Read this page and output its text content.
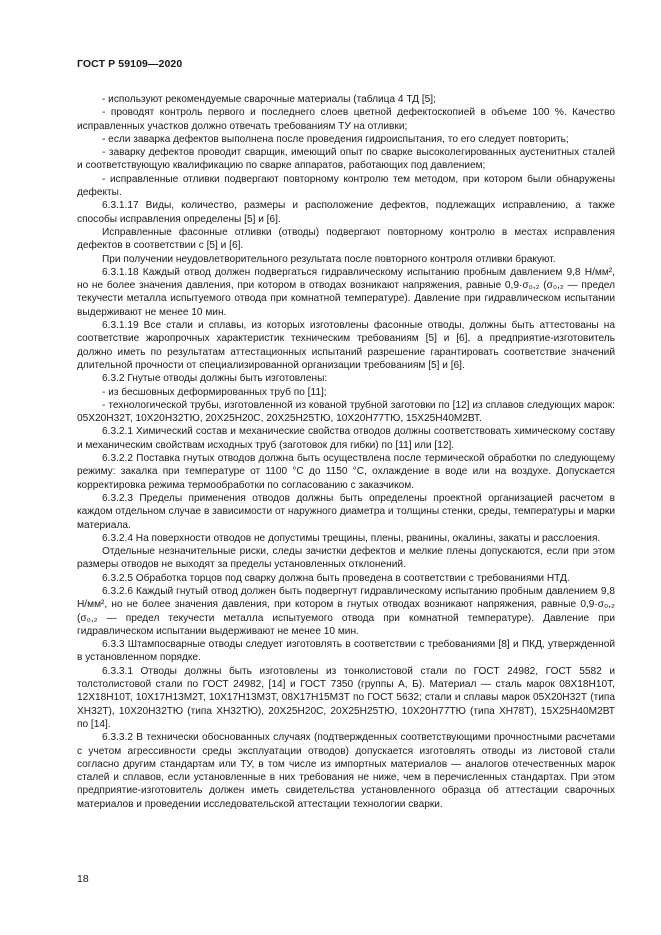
ГОСТ Р 59109—2020

- используют рекомендуемые сварочные материалы (таблица 4 ТД [5];

- проводят контроль первого и последнего слоев цветной дефектоскопией в объеме 100 %. Качество исправленных участков должно отвечать требованиям ТУ на отливки;

- если заварка дефектов выполнена после проведения гидроиспытания, то его следует повторить;

- заварку дефектов проводит сварщик, имеющий опыт по сварке высоколегированных аустенитных сталей и соответствующую квалификацию по сварке аппаратов, работающих под давлением;

- исправленные отливки подвергают повторному контролю тем методом, при котором были обнаружены дефекты.

6.3.1.17 Виды, количество, размеры и расположение дефектов, подлежащих исправлению, а также способы исправления определены [5] и [6].

Исправленные фасонные отливки (отводы) подвергают повторному контролю в местах исправления дефектов в соответствии с [5] и [6].

При получении неудовлетворительного результата после повторного контроля отливки бракуют.

6.3.1.18 Каждый отвод должен подвергаться гидравлическому испытанию пробным давлением 9,8 Н/мм², но не более значения давления, при котором в отводах возникают напряжения, равные 0,9·σ₀,₂ (σ₀,₂ — предел текучести металла испытуемого отвода при комнатной температуре). Давление при гидравлическом испытании выдерживают не менее 10 мин.

6.3.1.19 Все стали и сплавы, из которых изготовлены фасонные отводы, должны быть аттестованы на соответствие жаропрочных характеристик техническим требованиям [5] и [6], а предприятие-изготовитель должно иметь по результатам аттестационных испытаний разрешение гарантировать соответствие значений длительной прочности от специализированной организации требованиям [5] и [6].

6.3.2 Гнутые отводы должны быть изготовлены:

- из бесшовных деформированных труб по [11];

- технологической трубы, изготовленной из кованой трубной заготовки по [12] из сплавов следующих марок: 05Х20Н32Т, 10Х20Н32ТЮ, 20Х25Н20С, 20Х25Н25ТЮ, 10Х20Н77ТЮ, 15Х25Н40М2ВТ.

6.3.2.1 Химический состав и механические свойства отводов должны соответствовать химическому составу и механическим свойствам исходных труб (заготовок для гибки) по [11] или [12].

6.3.2.2 Поставка гнутых отводов должна быть осуществлена после термической обработки по следующему режиму: закалка при температуре от 1100 °С до 1150 °С, охлаждение в воде или на воздухе. Допускается корректировка режима термообработки по согласованию с заказчиком.

6.3.2.3 Пределы применения отводов должны быть определены проектной организацией расчетом в каждом отдельном случае в зависимости от наружного диаметра и толщины стенки, среды, температуры и марки материала.

6.3.2.4 На поверхности отводов не допустимы трещины, плены, рванины, окалины, закаты и расслоения.

Отдельные незначительные риски, следы зачистки дефектов и мелкие плены допускаются, если при этом размеры отводов не выходят за пределы установленных отклонений.

6.3.2.5 Обработка торцов под сварку должна быть проведена в соответствии с требованиями НТД.

6.3.2.6 Каждый гнутый отвод должен быть подвергнут гидравлическому испытанию пробным давлением 9,8 Н/мм², но не более значения давления, при котором в гнутых отводах возникают напряжения, равные 0,9·σ₀,₂ (σ₀,₂ — предел текучести металла испытуемого отвода при комнатной температуре). Давление при гидравлическом испытании выдерживают не менее 10 мин.

6.3.3 Штампосварные отводы следует изготовлять в соответствии с требованиями [8] и ПКД, утвержденной в установленном порядке.

6.3.3.1 Отводы должны быть изготовлены из тонколистовой стали по ГОСТ 24982, ГОСТ 5582 и толстолистовой стали по ГОСТ 24982, [14] и ГОСТ 7350 (группы А, Б). Материал — сталь марок 08Х18Н10Т, 12Х18Н10Т, 10Х17Н13М2Т, 10Х17Н13М3Т, 08Х17Н15М3Т по ГОСТ 5632; стали и сплавы марок 05Х20Н32Т (типа ХН32Т), 10Х20Н32ТЮ (типа ХН32ТЮ), 20Х25Н20С, 20Х25Н25ТЮ, 10Х20Н77ТЮ (типа ХН78Т), 15Х25Н40М2ВТ по [14].

6.3.3.2 В технически обоснованных случаях (подтвержденных соответствующими прочностными расчетами с учетом агрессивности среды эксплуатации отводов) допускается изготовлять отводы из листовой стали согласно другим стандартам или ТУ, в том числе из импортных материалов — аналогов отечественных марок сталей и сплавов, если установленные в них требования не ниже, чем в перечисленных стандартах. При этом предприятие-изготовитель должен иметь свидетельства установленного образца об аттестации сварочных материалов и проведении исследовательской аттестации технологии сварки.

18
